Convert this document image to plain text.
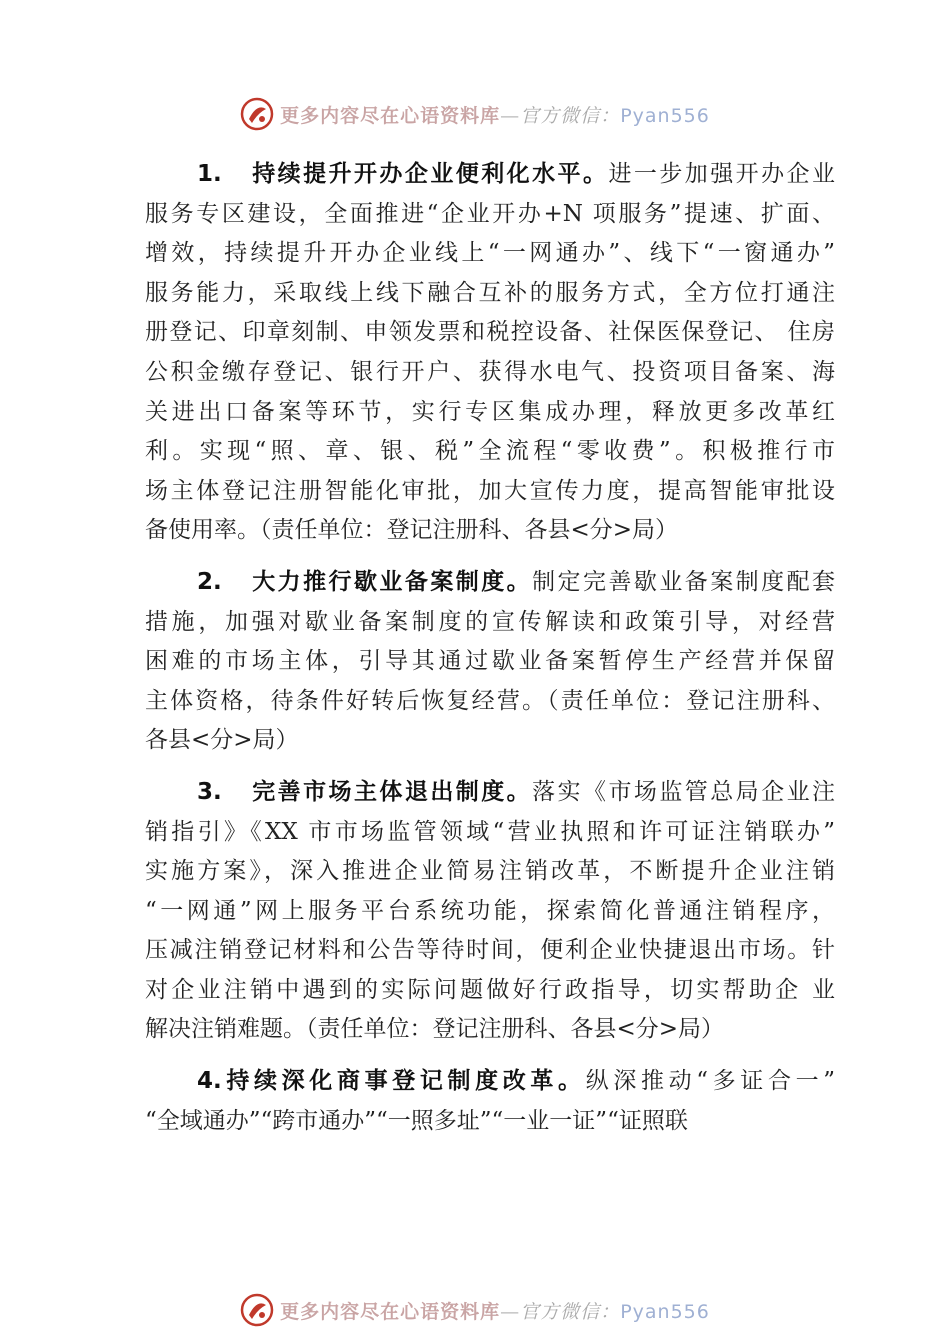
更多内容尽在心语资料库—官方微信：Pyan556
1. 持续提升开办企业便利化水平。进一步加强开办企业
服务专区建设，全面推进“企业开办+N 项服务”提速、扩面、
增效，持续提升开办企业线上“一网通办”、线下“一窗通办”
服务能力，采取线上线下融合互补的服务方式，全方位打通注
册登记、印章刻制、申领发票和税控设备、社保医保登记、 住房
公积金缴存登记、银行开户、获得水电气、投资项目备案、海
关进出口备案等环节，实行专区集成办理，释放更多改革红
利。实现“照、章、银、税”全流程“零收费”。积极推行市
场主体登记注册智能化审批，加大宣传力度，提高智能审批设
备使用率。（责任单位：登记注册科、各县<分>局）
2. 大力推行歇业备案制度。制定完善歇业备案制度配套
措施，加强对歇业备案制度的宣传解读和政策引导，对经营
困难的市场主体，引导其通过歇业备案暂停生产经营并保留
主体资格，待条件好转后恢复经营。（责任单位：登记注册科、
各县<分>局）
3. 完善市场主体退出制度。落实《市场监管总局企业注
销指引》《XX 市市场监管领域“营业执照和许可证注销联办”
实施方案》，深入推进企业简易注销改革，不断提升企业注销
“一网通”网上服务平台系统功能，探索简化普通注销程序，
压减注销登记材料和公告等待时间，便利企业快捷退出市场。针
对企业注销中遇到的实际问题做好行政指导，切实帮助企 业
解决注销难题。（责任单位：登记注册科、各县<分>局）
4.持续深化商事登记制度改革。纵深推动“多证合一”
“全域通办”“跨市通办”“一照多址”“一业一证”“证照联
更多内容尽在心语资料库—官方微信：Pyan556
